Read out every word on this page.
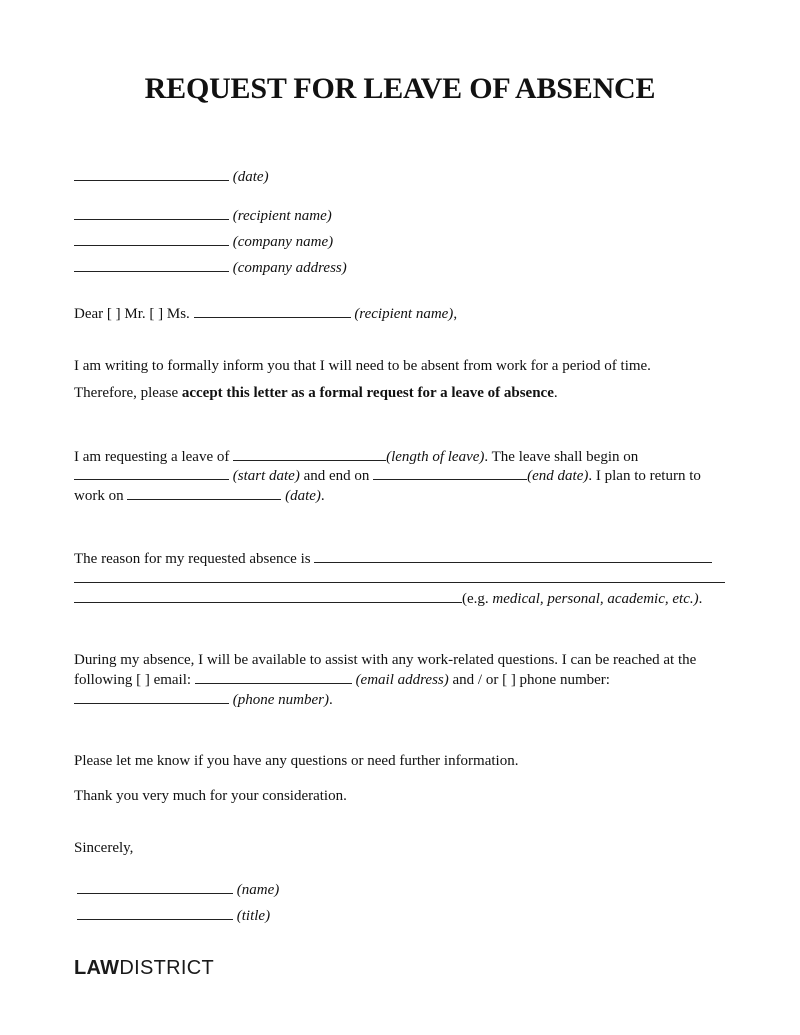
REQUEST FOR LEAVE OF ABSENCE
(date)
(recipient name)
(company name)
(company address)
Dear [ ] Mr. [ ] Ms.	(recipient name),
I am writing to formally inform you that I will need to be absent from work for a period of time.
Therefore, please accept this letter as a formal request for a leave of absence.
I am requesting a leave of	(length of leave). The leave shall begin on
(start date) and end on	(end date). I plan to return to
work on	(date).
The reason for my requested absence is
(e.g. medical, personal, academic, etc.).
During my absence, I will be available to assist with any work-related questions. I can be reached at the
following [ ] email:	(email address) and / or [ ] phone number:
(phone number).
Please let me know if you have any questions or need further information.
Thank you very much for your consideration.
Sincerely,
(name)
(title)
LAWDISTRICT
